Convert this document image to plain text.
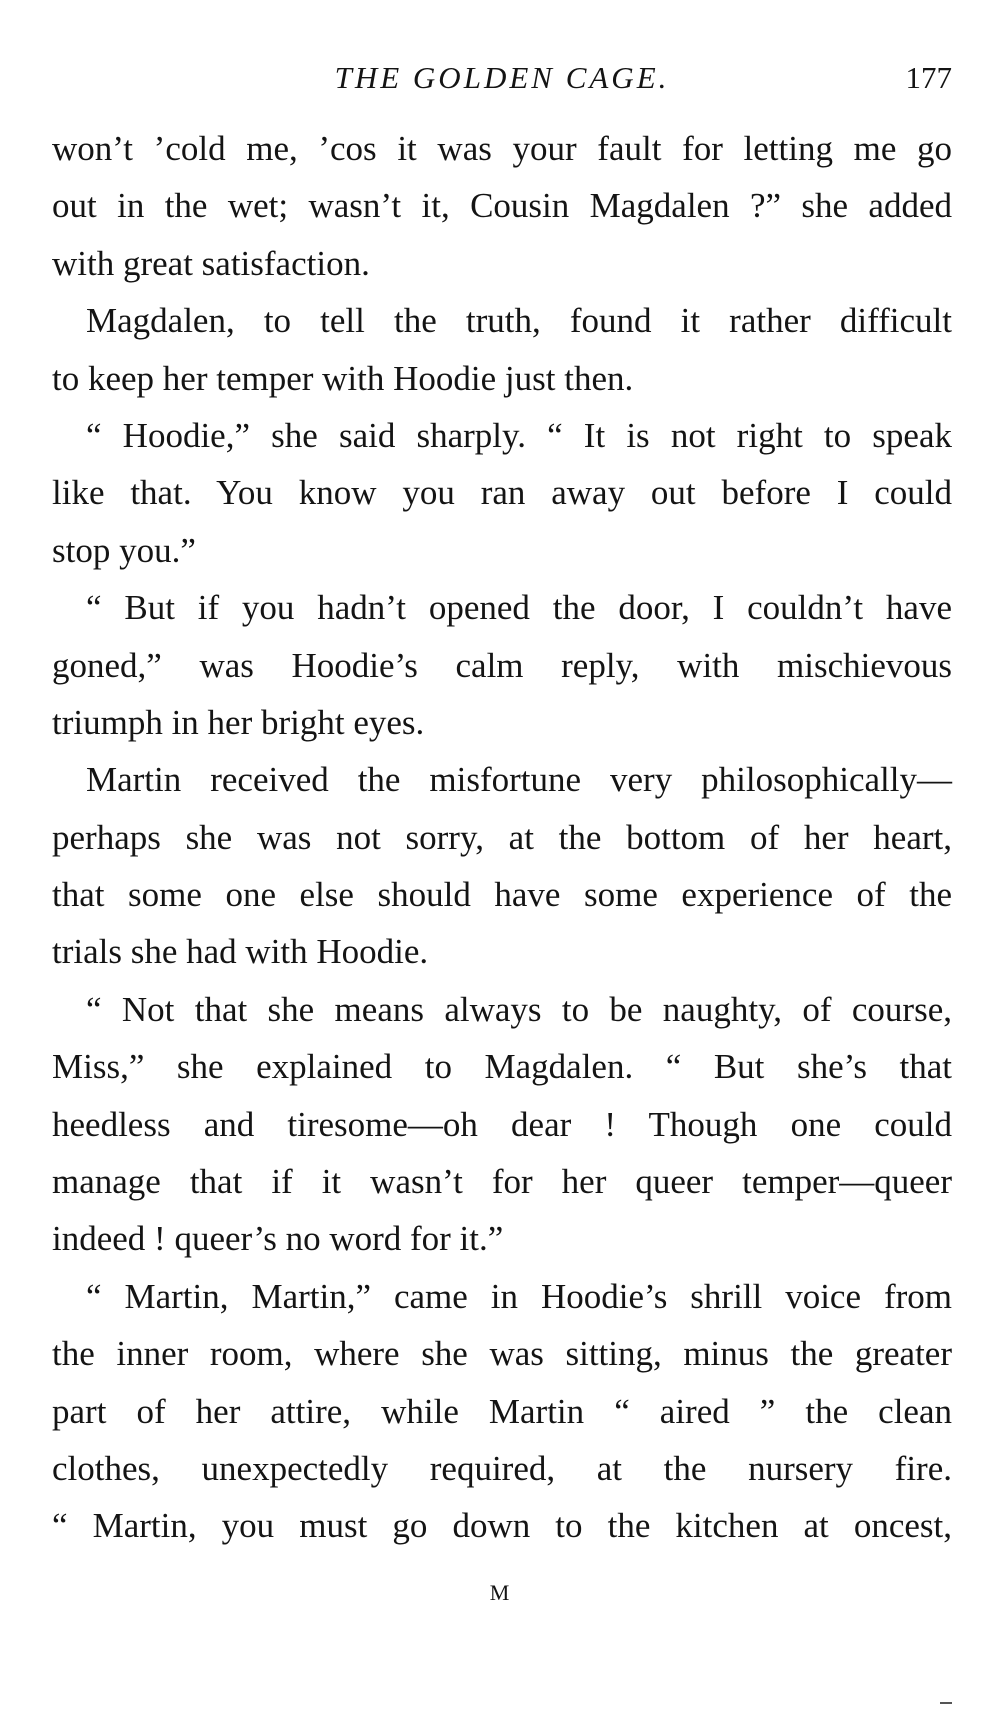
THE GOLDEN CAGE.	177
won’t ’cold me, ’cos it was your fault for letting me go
out in the wet; wasn’t it, Cousin Magdalen ?” she added
with great satisfaction.
Magdalen, to tell the truth, found it rather difficult
to keep her temper with Hoodie just then.
“ Hoodie,” she said sharply. “ It is not right to speak
like that. You know you ran away out before I could
stop you.”
“ But if you hadn’t opened the door, I couldn’t have
goned,” was Hoodie’s calm reply, with mischievous
triumph in her bright eyes.
Martin received the misfortune very philosophically—
perhaps she was not sorry, at the bottom of her heart,
that some one else should have some experience of the
trials she had with Hoodie.
“ Not that she means always to be naughty, of course,
Miss,” she explained to Magdalen. “ But she’s that
heedless and tiresome—oh dear ! Though one could
manage that if it wasn’t for her queer temper—queer
indeed ! queer’s no word for it.”
“ Martin, Martin,” came in Hoodie’s shrill voice from
the inner room, where she was sitting, minus the greater
part of her attire, while Martin “ aired ” the clean
clothes, unexpectedly required, at the nursery fire.
“ Martin, you must go down to the kitchen at oncest,
M
